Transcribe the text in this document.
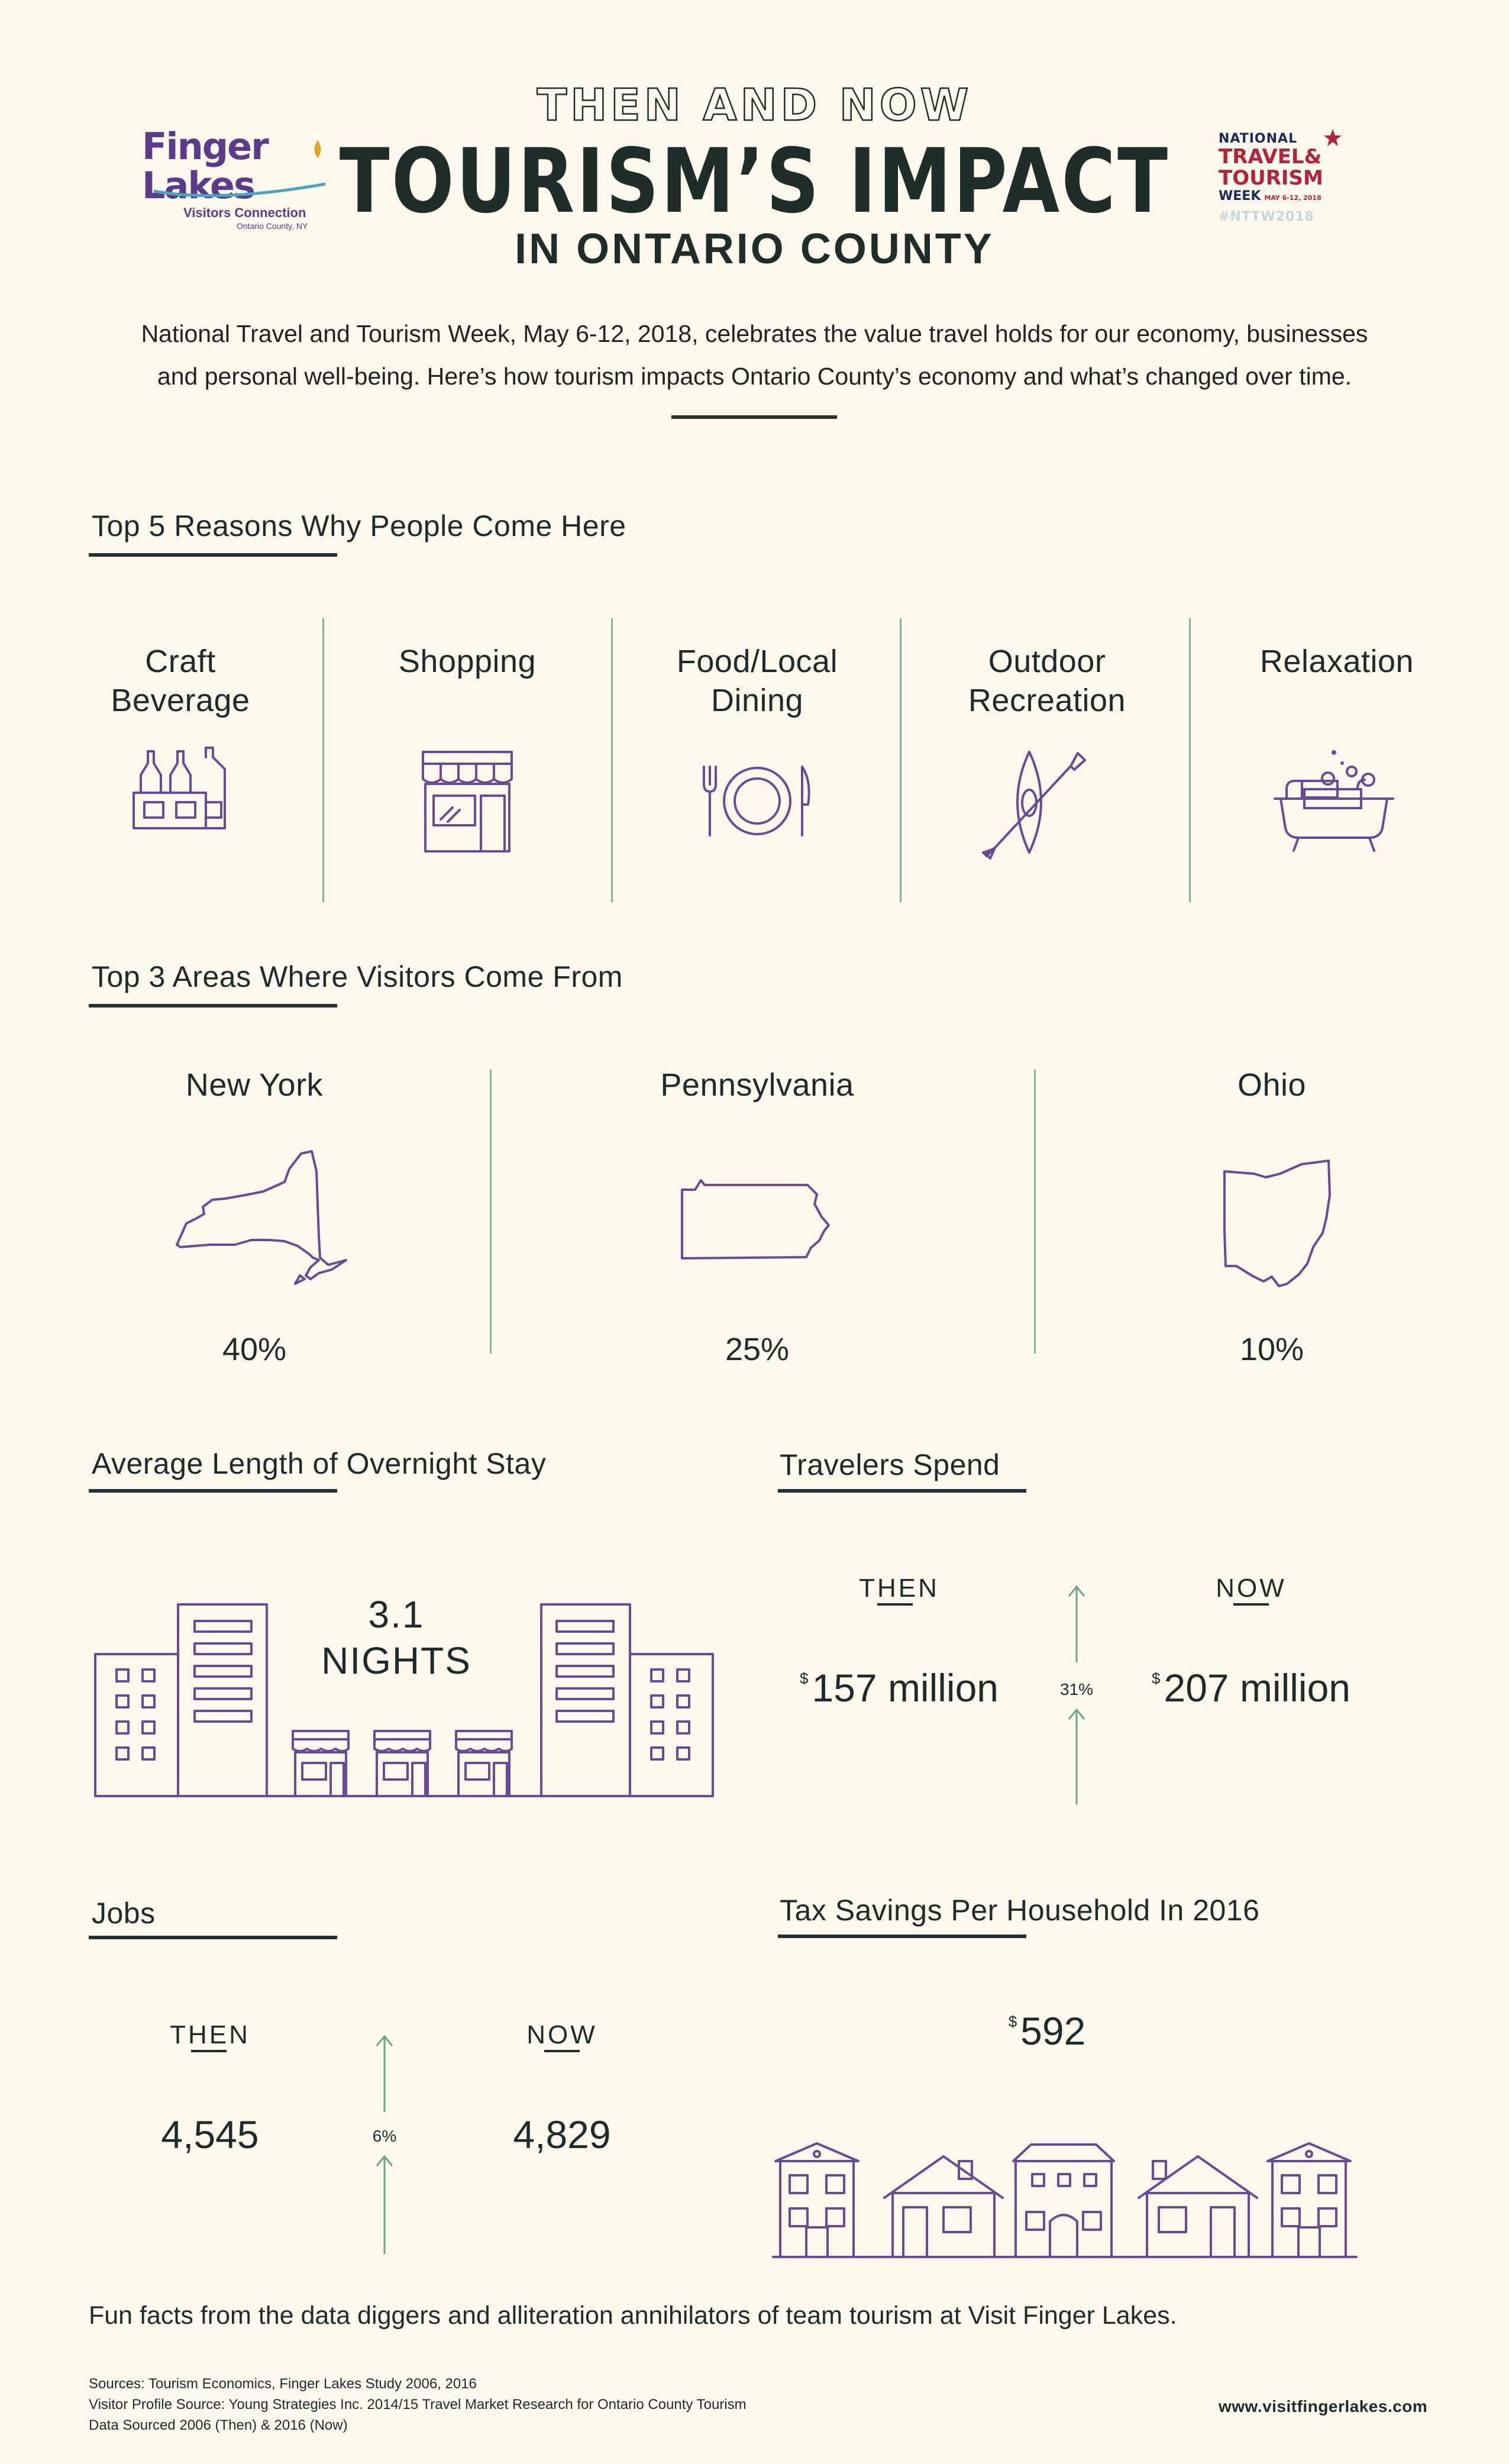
Finger Lakes
Visitors Connection
Ontario County, NY
NATIONAL
TRAVEL&
TOURISM
WEEK MAY 6-12, 2018
#NTTW2018
THEN AND NOW
TOURISM’S IMPACT
IN ONTARIO COUNTY
National Travel and Tourism Week, May 6-12, 2018, celebrates the value travel holds for our economy, businesses
and personal well-being. Here’s how tourism impacts Ontario County’s economy and what’s changed over time.
Top 5 Reasons Why People Come Here
Craft
Beverage
Shopping	Food/Local
Dining
Outdoor
Recreation
Relaxation
Top 3 Areas Where Visitors Come From
New York	Pennsylvania	Ohio
40%	25%	10%
Average Length of Overnight Stay
3.1
NIGHTS
Travelers Spend
THEN	NOW
$157 million	$207 million
31%
Jobs
THEN	NOW
4,545	4,829
6%
Tax Savings Per Household In 2016
$592
Fun facts from the data diggers and alliteration annihilators of team tourism at Visit Finger Lakes.
Sources: Tourism Economics, Finger Lakes Study 2006, 2016
Visitor Profile Source: Young Strategies Inc. 2014/15 Travel Market Research for Ontario County Tourism
Data Sourced 2006 (Then) & 2016 (Now)
www.visitfingerlakes.com
